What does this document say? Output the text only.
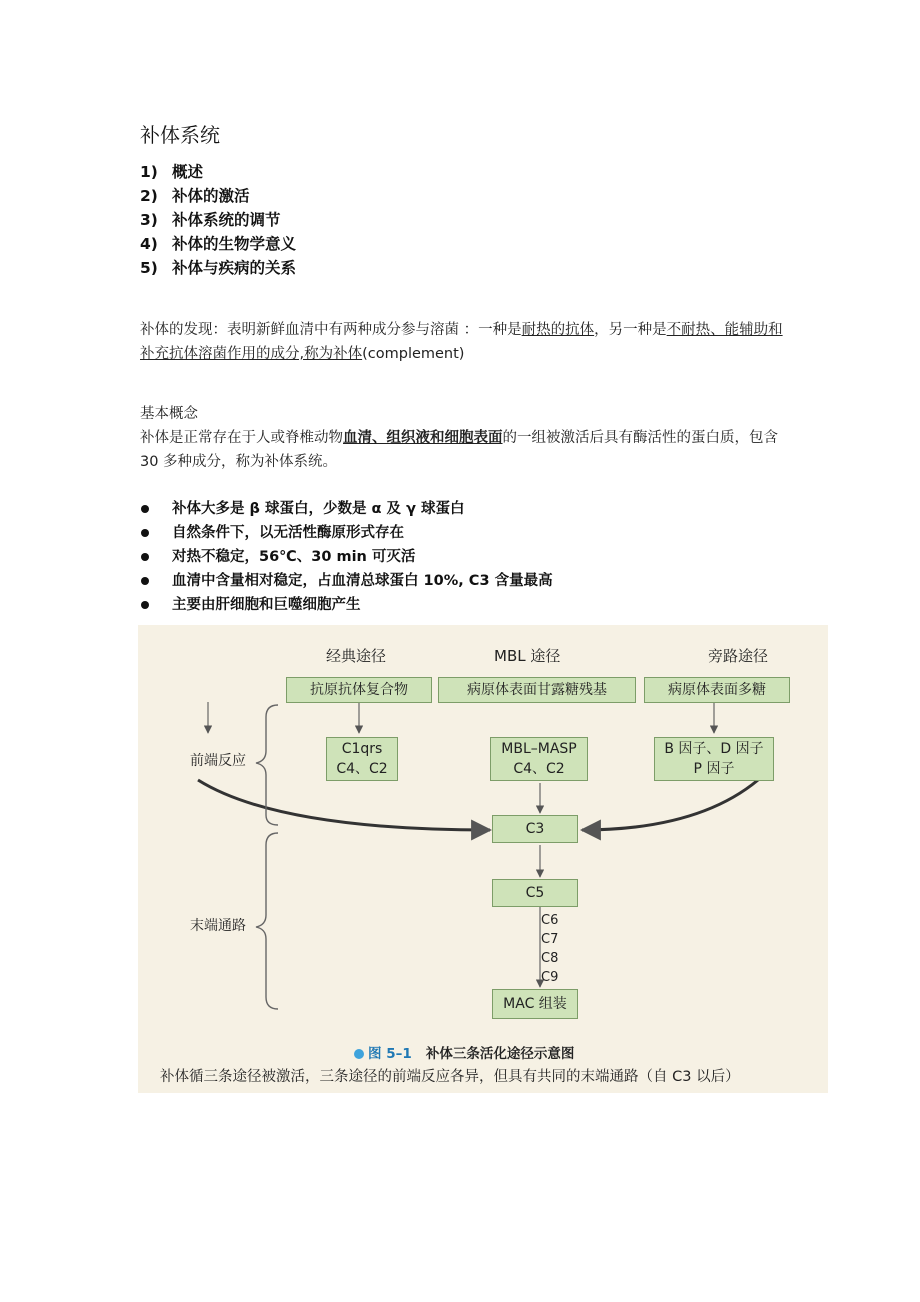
补体系统
1) 概述
2) 补体的激活
3) 补体系统的调节
4) 补体的生物学意义
5) 补体与疾病的关系

补体的发现：表明新鲜血清中有两种成分参与溶菌 ：一种是耐热的抗体，另一种是不耐热、能辅助和补充抗体溶菌作用的成分,称为补体(complement)

基本概念

补体是正常存在于人或脊椎动物血清、组织液和细胞表面的一组被激活后具有酶活性的蛋白质，包含 30 多种成分，称为补体系统。

补体大多是 β 球蛋白，少数是 α 及 γ 球蛋白
自然条件下，以无活性酶原形式存在
对热不稳定，56℃、30 min 可灭活
血清中含量相对稳定，占血清总球蛋白 10%, C3 含量最高
主要由肝细胞和巨噬细胞产生
经典途径	MBL 途径	旁路途径
抗原抗体复合物	病原体表面甘露糖残基	病原体表面多糖
C1qrs
C4、C2
MBL–MASP
C4、C2
B 因子、D 因子
P 因子
前端反应
末端通路
C3
C5
C6
C7
C8
C9
MAC 组装
图 5–1 补体三条活化途径示意图
补体循三条途径被激活，三条途径的前端反应各异，但具有共同的末端通路（自 C3 以后）
